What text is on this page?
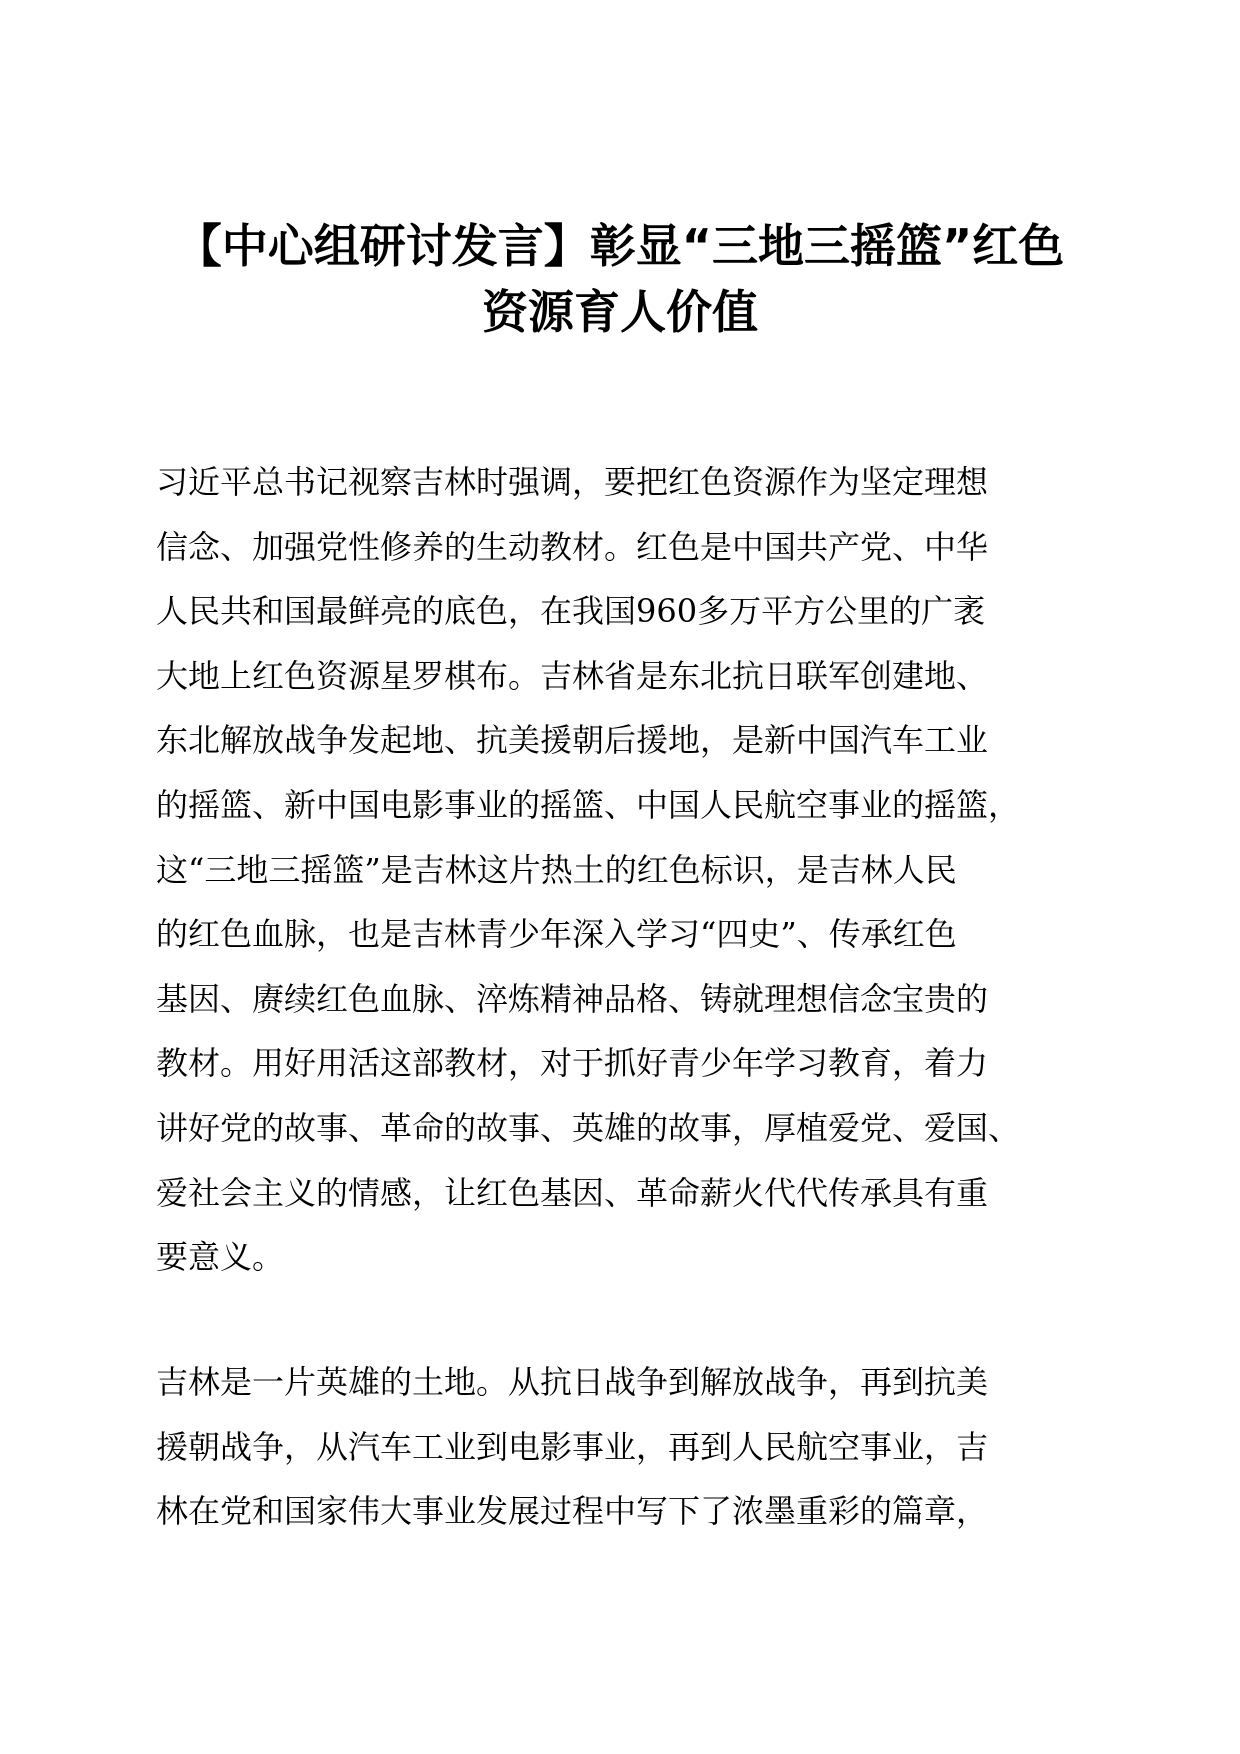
【中心组研讨发言】彰显“三地三摇篮”红色
资源育人价值
习近平总书记视察吉林时强调，要把红色资源作为坚定理想
信念、加强党性修养的生动教材。红色是中国共产党、中华
人民共和国最鲜亮的底色，在我国960多万平方公里的广袤
大地上红色资源星罗棋布。吉林省是东北抗日联军创建地、
东北解放战争发起地、抗美援朝后援地，是新中国汽车工业
的摇篮、新中国电影事业的摇篮、中国人民航空事业的摇篮，
这“三地三摇篮”是吉林这片热土的红色标识，是吉林人民
的红色血脉，也是吉林青少年深入学习“四史”、传承红色
基因、赓续红色血脉、淬炼精神品格、铸就理想信念宝贵的
教材。用好用活这部教材，对于抓好青少年学习教育，着力
讲好党的故事、革命的故事、英雄的故事，厚植爱党、爱国、
爱社会主义的情感，让红色基因、革命薪火代代传承具有重
要意义。
吉林是一片英雄的土地。从抗日战争到解放战争，再到抗美
援朝战争，从汽车工业到电影事业，再到人民航空事业，吉
林在党和国家伟大事业发展过程中写下了浓墨重彩的篇章，
